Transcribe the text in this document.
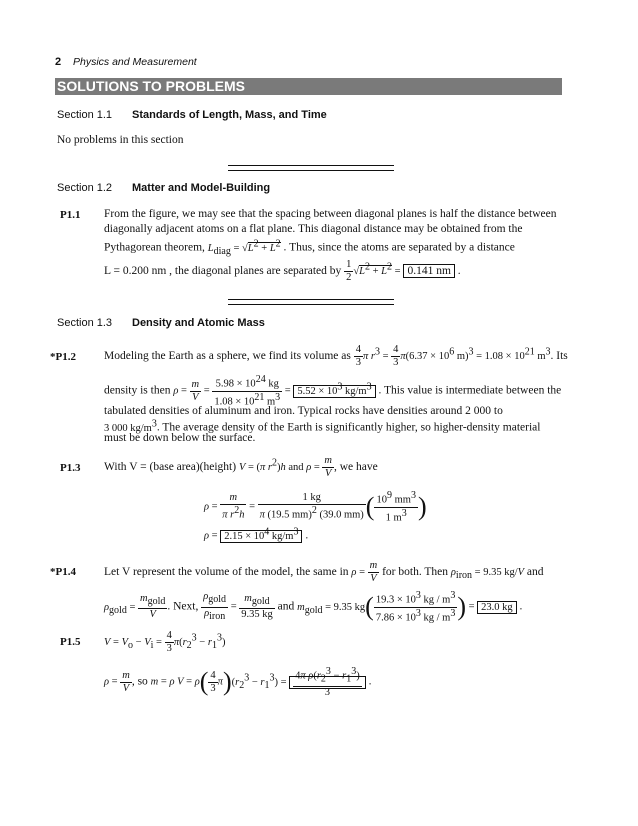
2 Physics and Measurement
SOLUTIONS TO PROBLEMS
Section 1.1 Standards of Length, Mass, and Time
No problems in this section
Section 1.2 Matter and Model-Building
P1.1 From the figure, we may see that the spacing between diagonal planes is half the distance between
diagonally adjacent atoms on a flat plane. This diagonal distance may be obtained from the
Pythagorean theorem, $L_{diag} = √L^2 + L^2$ . Thus, since the atoms are separated by a distance
L = 0.200 nm , the diagonal planes are separated by $\frac{1}{2} √L^2 + L^2 = 0.141$ nm .
Section 1.3 Density and Atomic Mass
*P1.2 Modeling the Earth as a sphere, we find its volume as $\frac{4}{3}$ π $r^3 = \frac{4}{3} \pi(6.37 \times 10^6$ $m)^3 = 1.08 \times 10^{21}$ $m^3$. Its
density is then $\rho = \frac{m}{V} = \frac{5.98 \times 10^{24} kg}{1.08 \times 10^{21} m^3} = 5.52 \times 10^3$ $kg/m^3$ . This value is intermediate between the
tabulated densities of aluminum and iron. Typical rocks have densities around 2 000 to
3 000 $kg/m^3$. The average density of the Earth is significantly higher, so higher-density material
must be down below the surface.
P1.3 With V = (base area)(height) V = (π $r^2)h$ and $\rho = \frac{m}{V}$ , we have
$\rho = \frac{m}{\pi r^2h} = \frac{1 kg}{\pi (19.5 mm)^2 (39.0 mm)}$ ( $\frac{10^9 mm^3}{1 m^3}$ )
$\rho = 2.15 \times 10^4$ $kg/m^3$ .
*P1.4 Let V represent the volume of the model, the same in $\rho = \frac{m}{V}$ for both. Then $\rho_{iron} = 9.35$ kg/V and
$\rho_{gold} = \frac{m_{gold}}{V}$ . Next, $\frac{\rho_{gold}}{\rho_{iron}} = \frac{m_{gold}}{9.35 kg}$ and $m_{gold} = 9.35$ $kg( \frac{19.3 \times 10^3 kg / m^3}{7.86 \times 10^3 kg / m^3}$ ) = 23.0 kg .
P1.5 $V = V_o - V_i = \frac{4}{3} \pi(r_2^3 - r_1^3)$
$\rho = \frac{m}{V}$ , so m = ρ $V = \rho( \frac{4}{3} \pi)(r_2^3 - r_1^3) = \frac{4\pi \rho(r_2^3 - r_1^3)}{3}$ .
